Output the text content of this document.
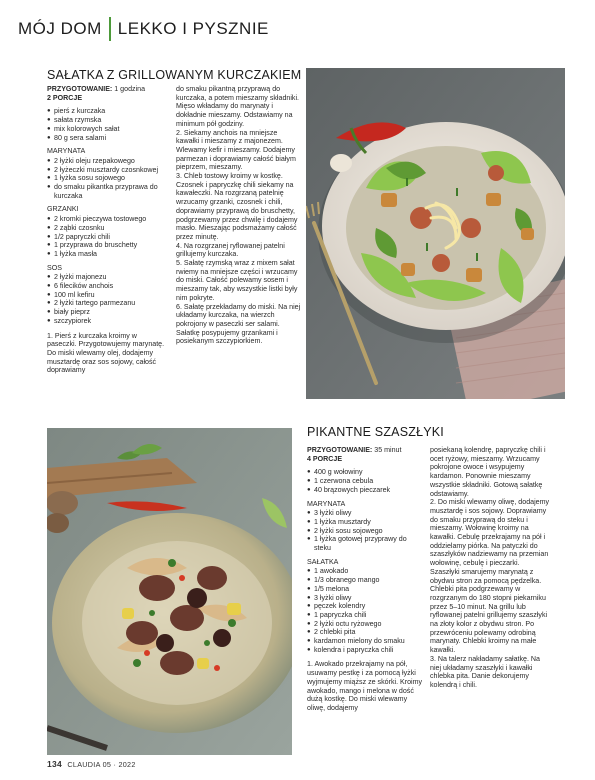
MÓJ DOM LEKKO I PYSZNIE
SAŁATKA Z GRILLOWANYM KURCZAKIEM

PRZYGOTOWANIE: 1 godzina
2 PORCJE

● pierś z kurczaka
● sałata rzymska
● mix kolorowych sałat
● 80 g sera salami
MARYNATA
● 2 łyżki oleju rzepakowego
● 2 łyżeczki musztardy czosnkowej
● 1 łyżka sosu sojowego
● do smaku pikantka przyprawa do kurczaka
GRZANKI
● 2 kromki pieczywa tostowego
● 2 ząbki czosnku
● 1/2 papryczki chili
● 1 przyprawa do bruschetty
● 1 łyżka masła
SOS
● 2 łyżki majonezu
● 6 filecików anchois
● 100 ml kefiru
● 2 łyżki tartego parmezanu
● biały pieprz
● szczypiorek

1. Pierś z kurczaka kroimy w paseczki. Przygotowujemy marynatę. Do miski wlewamy olej, dodajemy musztardę oraz sos sojowy, całość doprawiamy

do smaku pikantną przyprawą do kurczaka, a potem mieszamy składniki. Mięso wkładamy do marynaty i dokładnie mieszamy. Odstawiamy na minimum pół godziny.
2. Siekamy anchois na mniejsze kawałki i mieszamy z majonezem. Wlewamy kefir i mieszamy. Dodajemy parmezan i doprawiamy całość białym pieprzem, mieszamy.
3. Chleb tostowy kroimy w kostkę. Czosnek i papryczkę chili siekamy na kawałeczki. Na rozgrzaną patelnię wrzucamy grzanki, czosnek i chili, doprawiamy przyprawą do bruschetty, podgrzewamy przez chwilę i dodajemy masło. Mieszając podsmażamy całość przez minutę.
4. Na rozgrzanej ryflowanej patelni grillujemy kurczaka.
5. Sałatę rzymską wraz z mixem sałat rwiemy na mniejsze części i wrzucamy do miski. Całość polewamy sosem i mieszamy tak, aby wszystkie listki były nim pokryte.
6. Sałatę przekładamy do miski. Na niej układamy kurczaka, na wierzch pokrojony w paseczki ser salami. Sałatkę posypujemy grzankami i posiekanym szczypiorkiem.

PIKANTNE SZASZŁYKI

PRZYGOTOWANIE: 35 minut
4 PORCJE

● 400 g wołowiny
● 1 czerwona cebula
● 40 brązowych pieczarek
MARYNATA
● 3 łyżki oliwy
● 1 łyżka musztardy
● 2 łyżki sosu sojowego
● 1 łyżka gotowej przyprawy do steku
SAŁATKA
● 1 awokado
● 1/3 obranego mango
● 1/5 melona
● 3 łyżki oliwy
● pęczek kolendry
● 1 papryczka chili
● 2 łyżki octu ryżowego
● 2 chlebki pita
● kardamon mielony do smaku
● kolendra i papryczka chili

1. Awokado przekrajamy na pół, usuwamy pestkę i za pomocą łyżki wyjmujemy miąższ ze skórki. Kroimy awokado, mango i melona w dość dużą kostkę. Do miski wlewamy oliwę, dodajemy

posiekaną kolendrę, papryczkę chili i ocet ryżowy, mieszamy. Wrzucamy pokrojone owoce i wsypujemy kardamon. Ponownie mieszamy wszystkie składniki. Gotową sałatkę odstawiamy.
2. Do miski wlewamy oliwę, dodajemy musztardę i sos sojowy. Doprawiamy do smaku przyprawą do steku i mieszamy. Wołowinę kroimy na kawałki. Cebulę przekrajamy na pół i oddzielamy piórka. Na patyczki do szaszłyków nadziewamy na przemian wołowinę, cebulę i pieczarki. Szaszłyki smarujemy marynatą z obydwu stron za pomocą pędzelka. Chlebki pita podgrzewamy w rozgrzanym do 180 stopni piekarniku przez 5–10 minut. Na grillu lub ryflowanej patelni grillujemy szaszłyki na złoty kolor z obydwu stron. Po przewróceniu polewamy odrobiną marynaty. Chlebki kroimy na małe kawałki.
3. Na talerz nakładamy sałatkę. Na niej układamy szaszłyki i kawałki chlebka pita. Danie dekorujemy kolendrą i chili.

134 CLAUDIA 05 · 2022
